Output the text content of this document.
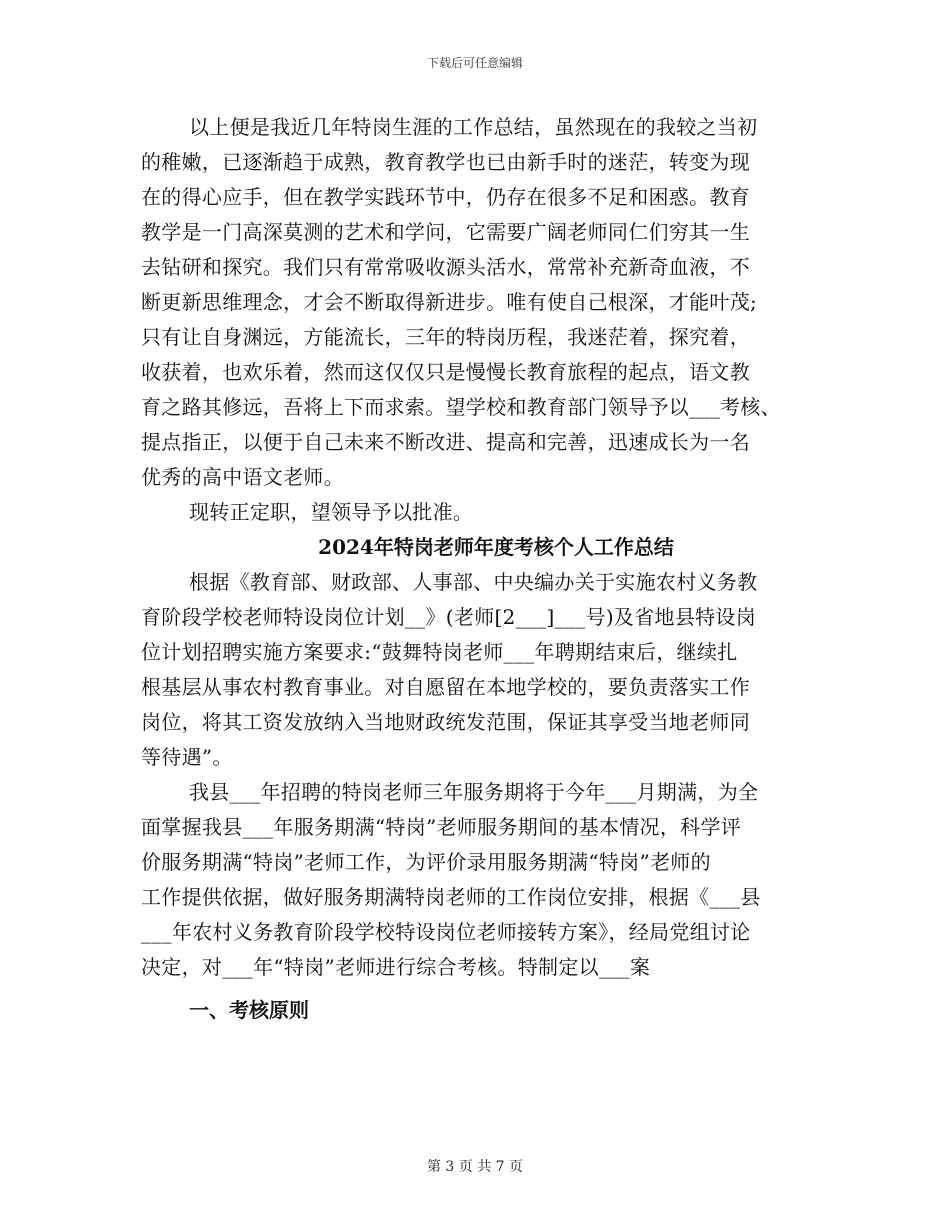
下载后可任意编辑
以上便是我近几年特岗生涯的工作总结，虽然现在的我较之当初
的稚嫩，已逐渐趋于成熟，教育教学也已由新手时的迷茫，转变为现
在的得心应手，但在教学实践环节中，仍存在很多不足和困惑。教育
教学是一门高深莫测的艺术和学问，它需要广阔老师同仁们穷其一生
去钻研和探究。我们只有常常吸收源头活水，常常补充新奇血液，不
断更新思维理念，才会不断取得新进步。唯有使自己根深，才能叶茂;
只有让自身渊远，方能流长，三年的特岗历程，我迷茫着，探究着，
收获着，也欢乐着，然而这仅仅只是慢慢长教育旅程的起点，语文教
育之路其修远，吾将上下而求索。望学校和教育部门领导予以___考核、
提点指正，以便于自己未来不断改进、提高和完善，迅速成长为一名
优秀的高中语文老师。
现转正定职，望领导予以批准。
2024年特岗老师年度考核个人工作总结
根据《教育部、财政部、人事部、中央编办关于实施农村义务教
育阶段学校老师特设岗位计划__》(老师[2___]___号)及省地县特设岗
位计划招聘实施方案要求:“鼓舞特岗老师___年聘期结束后，继续扎
根基层从事农村教育事业。对自愿留在本地学校的，要负责落实工作
岗位，将其工资发放纳入当地财政统发范围，保证其享受当地老师同
等待遇”。
我县___年招聘的特岗老师三年服务期将于今年___月期满，为全
面掌握我县___年服务期满“特岗”老师服务期间的基本情况，科学评
价服务期满“特岗”老师工作，为评价录用服务期满“特岗”老师的
工作提供依据，做好服务期满特岗老师的工作岗位安排，根据《___县
___年农村义务教育阶段学校特设岗位老师接转方案》，经局党组讨论
决定，对___年“特岗”老师进行综合考核。特制定以___案
一、考核原则
第 3 页 共 7 页
